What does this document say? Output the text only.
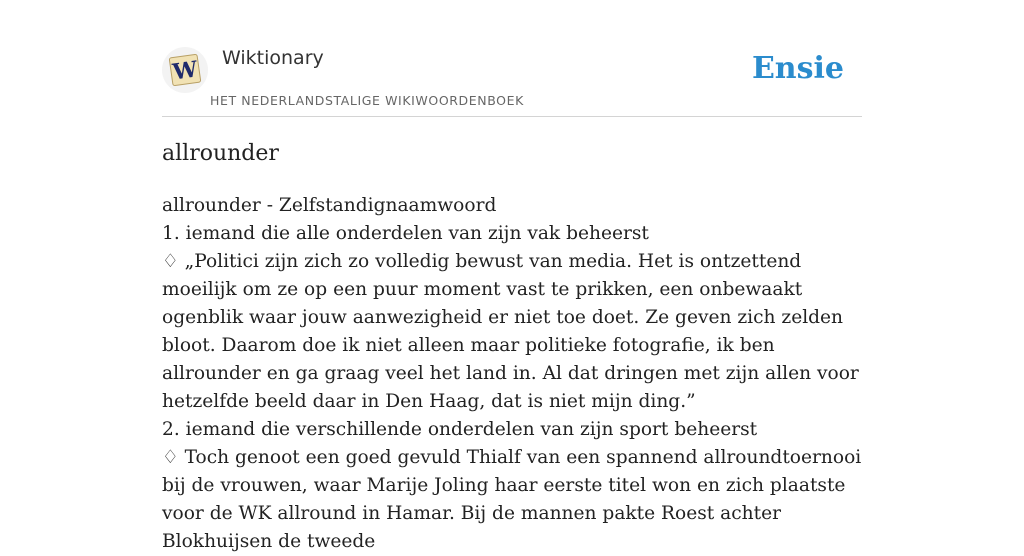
W Wiktionary
HET NEDERLANDSTALIGE WIKIWOORDENBOEK
Ensie
allrounder

allrounder - Zelfstandignaamwoord

1. iemand die alle onderdelen van zijn vak beheerst

♢ „Politici zijn zich zo volledig bewust van media. Het is ontzettend moeilijk om ze op een puur moment vast te prikken, een onbewaakt ogenblik waar jouw aanwezigheid er niet toe doet. Ze geven zich zelden bloot. Daarom doe ik niet alleen maar politieke fotografie, ik ben allrounder en ga graag veel het land in. Al dat dringen met zijn allen voor hetzelfde beeld daar in Den Haag, dat is niet mijn ding.”

2. iemand die verschillende onderdelen van zijn sport beheerst

♢ Toch genoot een goed gevuld Thialf van een spannend allroundtoernooi bij de vrouwen, waar Marije Joling haar eerste titel won en zich plaatste voor de WK allround in Hamar. Bij de mannen pakte Roest achter Blokhuijsen de tweede
